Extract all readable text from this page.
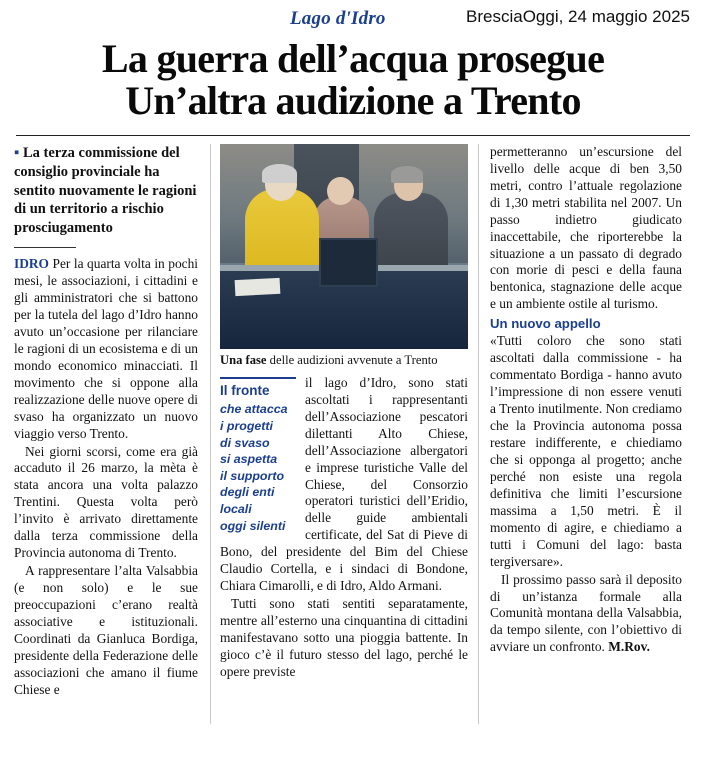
Lago d'Idro	BresciaOggi, 24 maggio 2025
La guerra dell’acqua prosegue
Un’altra audizione a Trento
▪ La terza commissione del consiglio provinciale ha sentito nuovamente le ragioni di un territorio a rischio prosciugamento

IDRO Per la quarta volta in pochi mesi, le associazioni, i cittadini e gli amministratori che si battono per la tutela del lago d’Idro hanno avuto un’occasione per rilanciare le ragioni di un ecosistema e di un mondo economico minacciati. Il movimento che si oppone alla realizzazione delle nuove opere di svaso ha organizzato un nuovo viaggio verso Trento.

Nei giorni scorsi, come era già accaduto il 26 marzo, la mèta è stata ancora una volta palazzo Trentini. Questa volta però l’invito è arrivato direttamente dalla terza commissione della Provincia autonoma di Trento.

A rappresentare l’alta Valsabbia (e non solo) e le sue preoccupazioni c’erano realtà associative e istituzionali. Coordinati da Gianluca Bordiga, presidente della Federazione delle associazioni che amano il fiume Chiese e

Una fase delle audizioni avvenute a Trento
Il fronte
che attacca
i progetti
di svaso
si aspetta
il supporto
degli enti
locali
oggi silenti

il lago d’Idro, sono stati ascoltati i rappresentanti dell’Associazione pescatori dilettanti Alto Chiese, dell’Associazione albergatori e imprese turistiche Valle del Chiese, del Consorzio operatori turistici dell’Eridio, delle guide ambientali certificate, del Sat di Pieve di Bono, del presidente del Bim del Chiese Claudio Cortella, e i sindaci di Bondone, Chiara Cimarolli, e di Idro, Aldo Armani.

Tutti sono stati sentiti separatamente, mentre all’esterno una cinquantina di cittadini manifestavano sotto una pioggia battente. In gioco c’è il futuro stesso del lago, perché le opere previste

permetteranno un’escursione del livello delle acque di ben 3,50 metri, contro l’attuale regolazione di 1,30 metri stabilita nel 2007. Un passo indietro giudicato inaccettabile, che riporterebbe la situazione a un passato di degrado con morie di pesci e della fauna bentonica, stagnazione delle acque e un ambiente ostile al turismo.

Un nuovo appello

«Tutti coloro che sono stati ascoltati dalla commissione - ha commentato Bordiga - hanno avuto l’impressione di non essere venuti a Trento inutilmente. Non crediamo che la Provincia autonoma possa restare indifferente, e chiediamo che si opponga al progetto; anche perché non esiste una regola definitiva che limiti l’escursione massima a 1,50 metri. È il momento di agire, e chiediamo a tutti i Comuni del lago: basta tergiversare».

Il prossimo passo sarà il deposito di un’istanza formale alla Comunità montana della Valsabbia, da tempo silente, con l’obiettivo di avviare un confronto. M.Rov.
